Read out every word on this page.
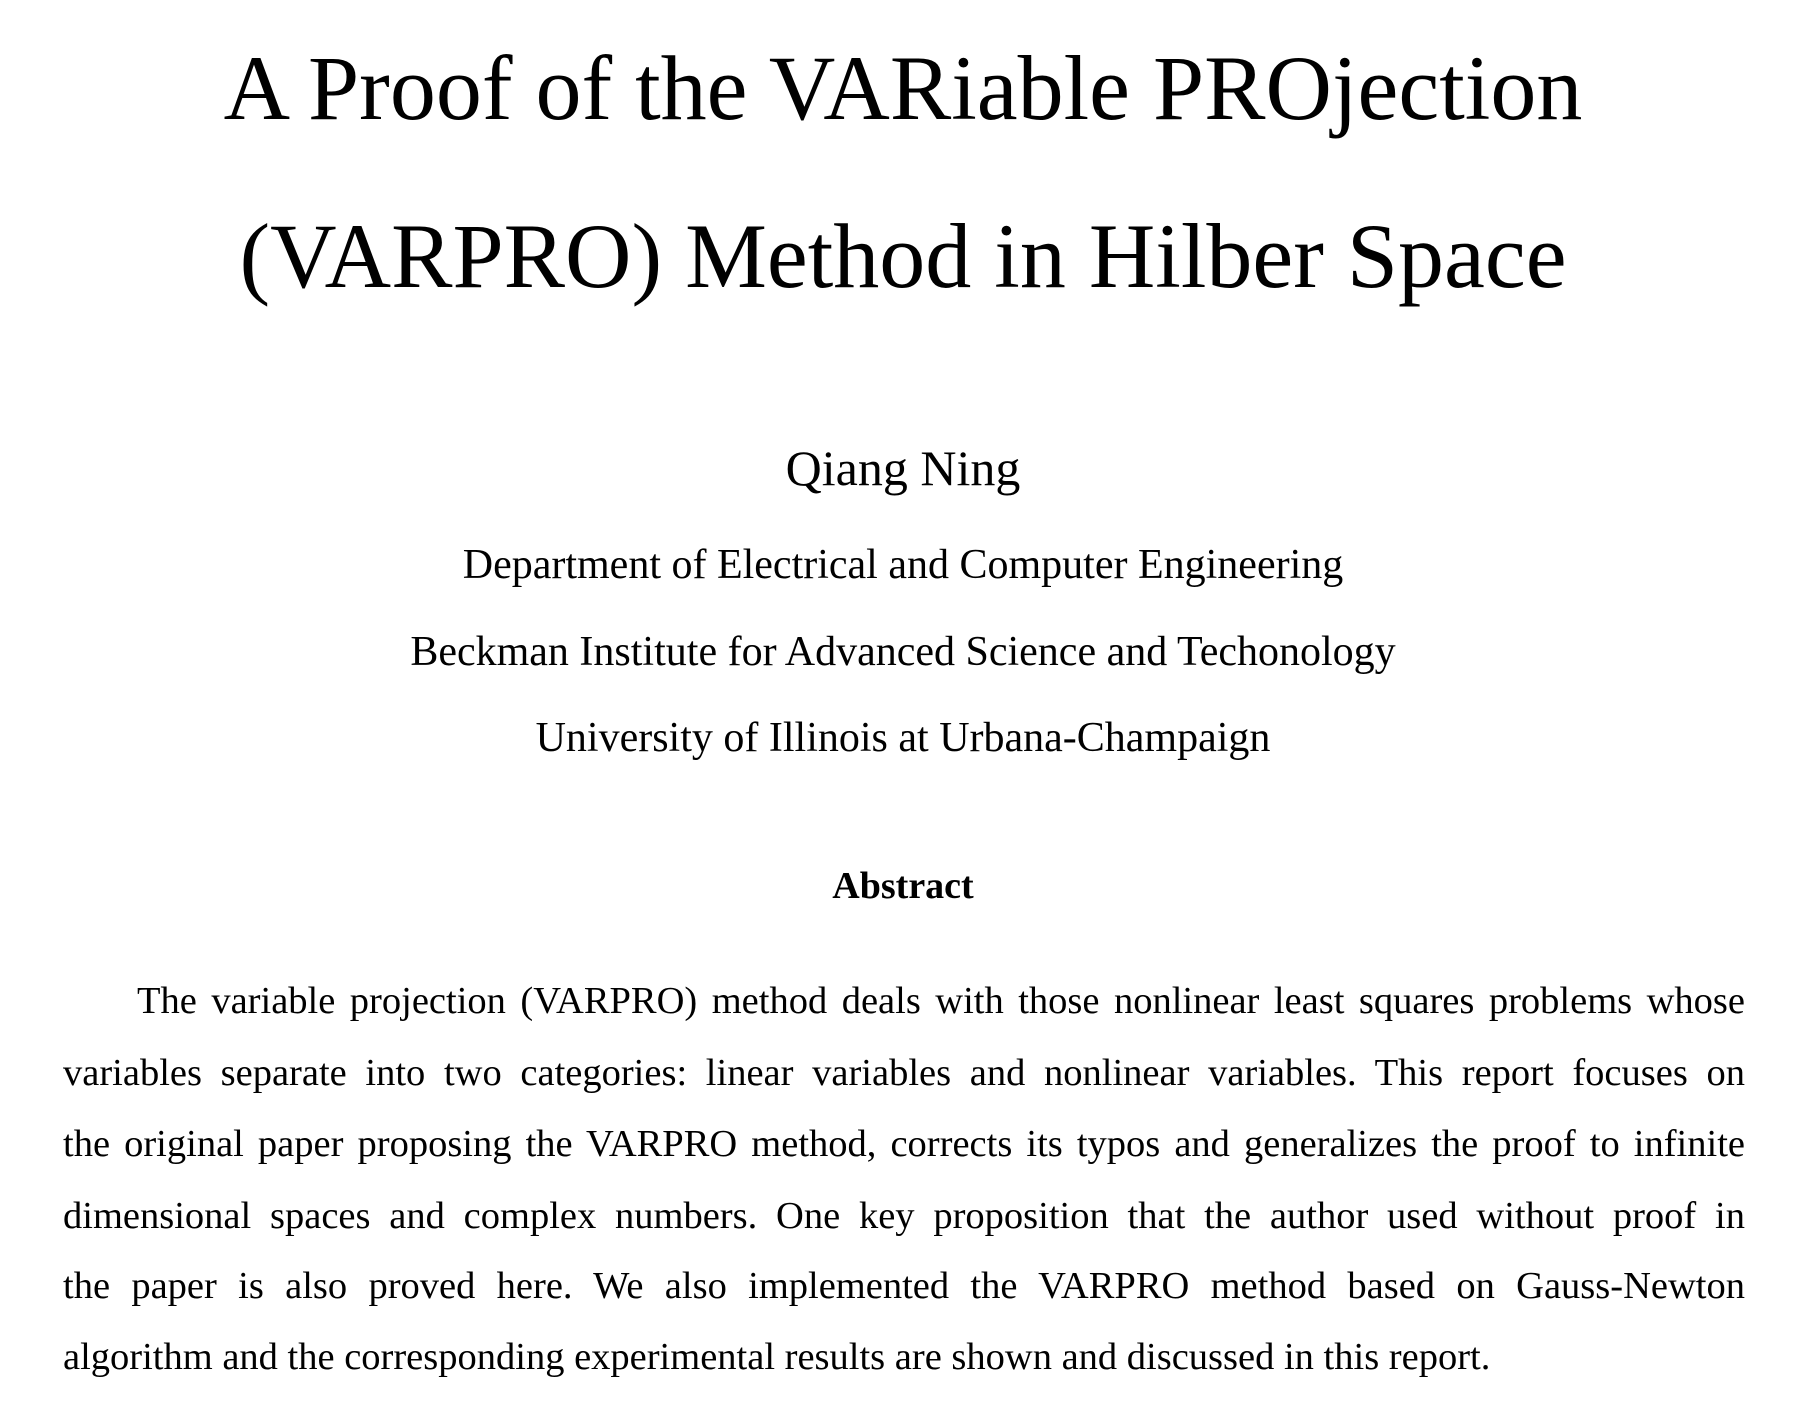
A Proof of the VARiable PROjection
(VARPRO) Method in Hilber Space
Qiang Ning
Department of Electrical and Computer Engineering
Beckman Institute for Advanced Science and Techonology
University of Illinois at Urbana-Champaign
Abstract
The variable projection (VARPRO) method deals with those nonlinear least squares problems whose
variables separate into two categories: linear variables and nonlinear variables. This report focuses on
the original paper proposing the VARPRO method, corrects its typos and generalizes the proof to infinite
dimensional spaces and complex numbers. One key proposition that the author used without proof in
the paper is also proved here. We also implemented the VARPRO method based on Gauss-Newton
algorithm and the corresponding experimental results are shown and discussed in this report.
